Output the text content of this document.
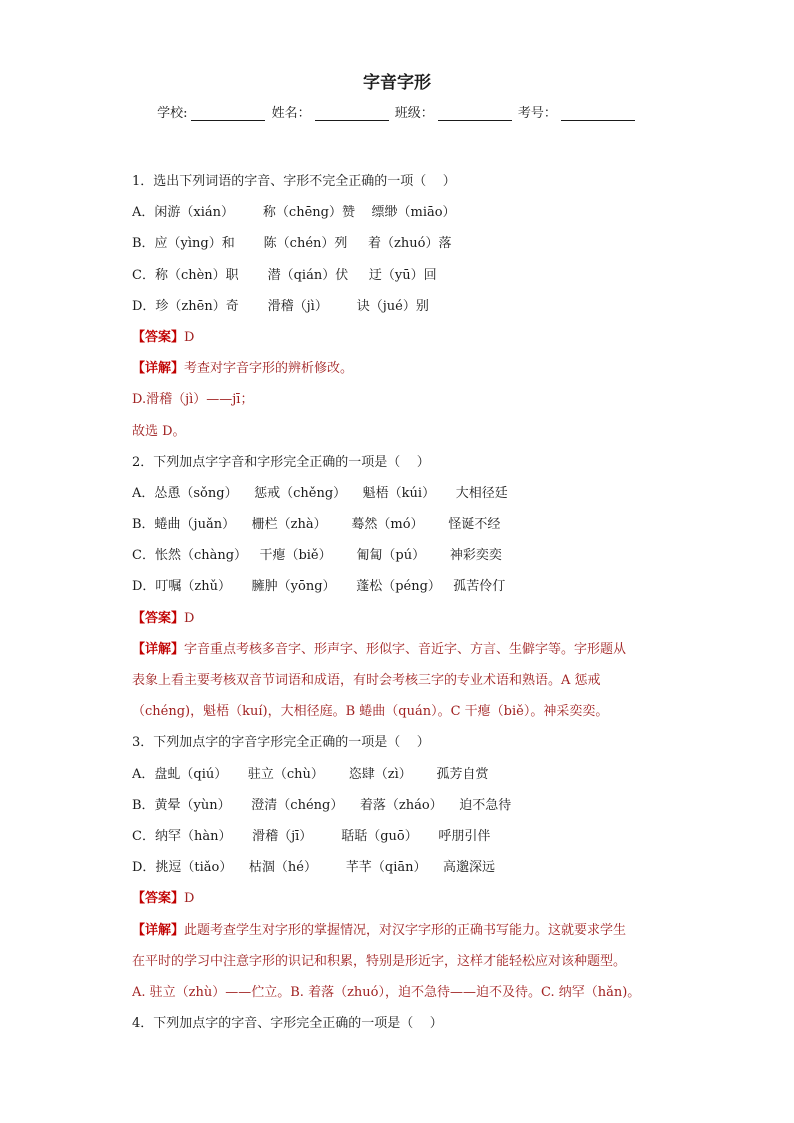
字音字形
学校:	姓名：	班级：	考号：
1．选出下列词语的字音、字形不完全正确的一项（    ）
A．闲游（xián）       称（chēng）赞    缥缈（miāo）
B．应（yìng）和       陈（chén）列     着（zhuó）落
C．称（chèn）职       潜（qián）伏     迂（yū）回
D．珍（zhēn）奇       滑稽（jì）       诀（jué）别
【答案】D
【详解】考查对字音字形的辨析修改。
D.滑稽（jì）——jī；
故选 D。
2．下列加点字字音和字形完全正确的一项是（    ）
A．怂恿（sǒng）    惩戒（chěng）    魁梧（kúi）     大相径廷
B．蜷曲（juǎn）    栅栏（zhà）      蓦然（mó）      怪诞不经
C．怅然（chàng）   干瘪（biě）      匍匐（pú）      神彩奕奕
D．叮嘱（zhǔ）     臃肿（yōng）     蓬松（péng）   孤苦伶仃
【答案】D
【详解】字音重点考核多音字、形声字、形似字、音近字、方言、生僻字等。字形题从
表象上看主要考核双音节词语和成语，有时会考核三字的专业术语和熟语。A 惩戒
（chéng)，魁梧（kuí)，大相径庭。B 蜷曲（quán）。C 干瘪（biě）。神采奕奕。
3．下列加点字的字音字形完全正确的一项是（    ）
A．盘虬（qiú）     驻立（chù）      恣肆（zì）      孤芳自赏
B．黄晕（yùn）     澄清（chéng）    着落（zháo）    迫不急待
C．纳罕（hàn）     滑稽（jī）       聒聒（guō）     呼朋引伴
D．挑逗（tiǎo）    枯涸（hé）       芊芊（qiān）    高邈深远
【答案】D
【详解】此题考查学生对字形的掌握情况，对汉字字形的正确书写能力。这就要求学生
在平时的学习中注意字形的识记和积累，特别是形近字，这样才能轻松应对该种题型。
A. 驻立（zhù）——伫立。B. 着落（zhuó），迫不急待——迫不及待。C. 纳罕（hǎn)。
4．下列加点字的字音、字形完全正确的一项是（    ）
